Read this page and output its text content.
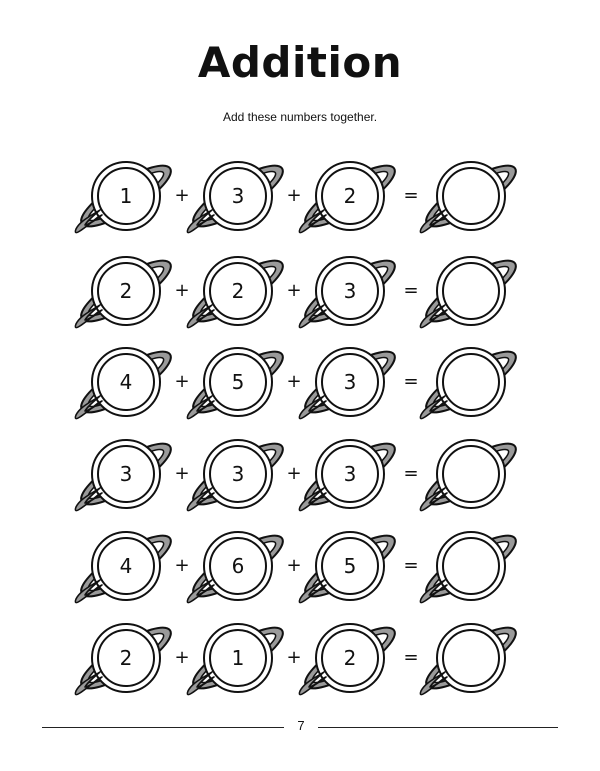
Addition

Add these numbers together.

1	+	3	+	2	=
2	+	2	+	3	=
4	+	5	+	3	=
3	+	3	+	3	=
4	+	6	+	5	=
2	+	1	+	2	=
7
